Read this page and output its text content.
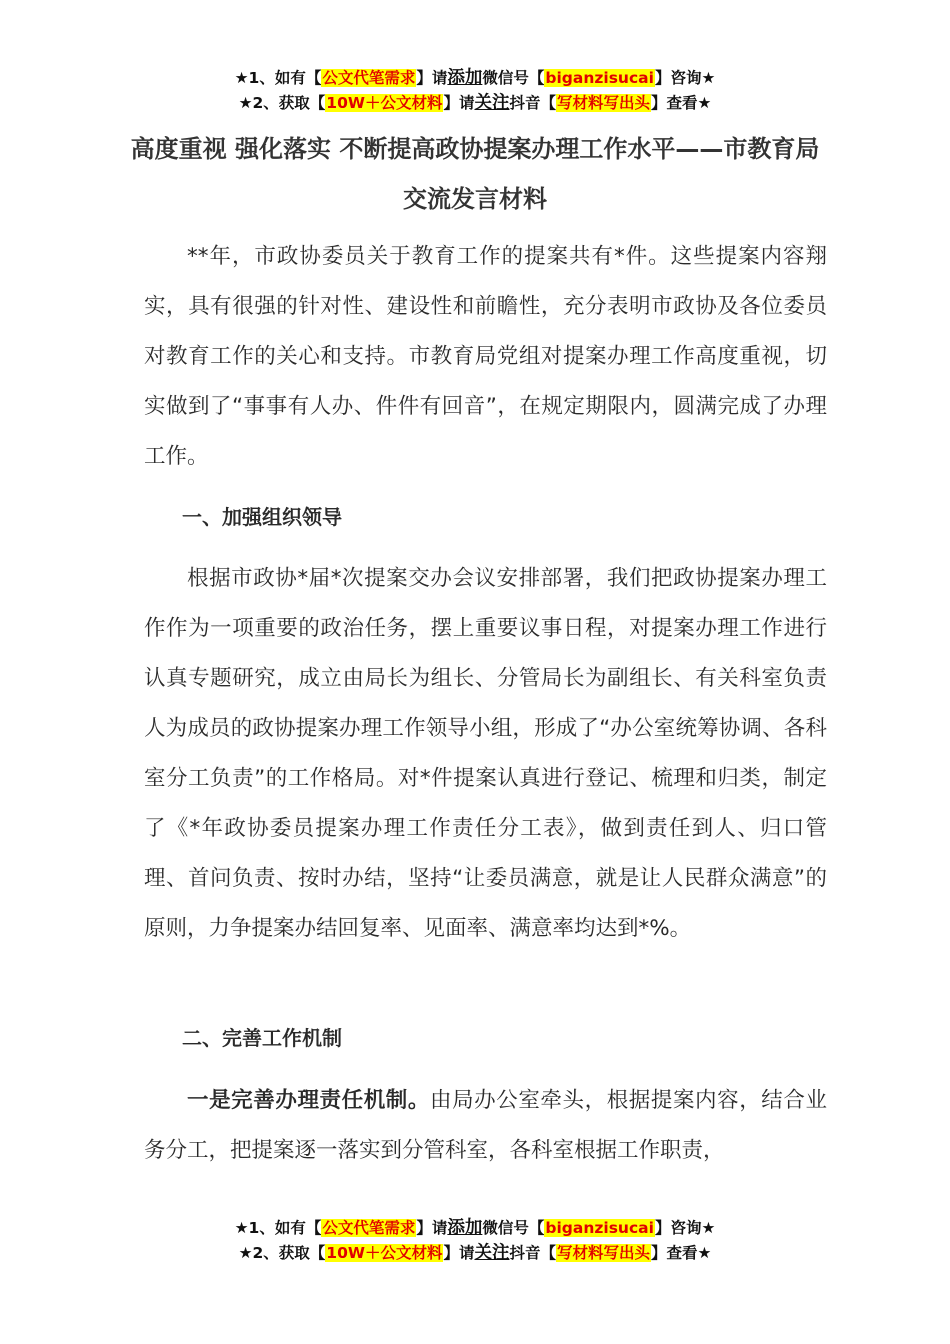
★1、如有【公文代笔需求】请添加微信号【biganzisucai】咨询★
★2、获取【10W＋公文材料】请关注抖音【写材料写出头】查看★
高度重视 强化落实 不断提高政协提案办理工作水平——市教育局交流发言材料

**年，市政协委员关于教育工作的提案共有*件。这些提案内容翔实，具有很强的针对性、建设性和前瞻性，充分表明市政协及各位委员对教育工作的关心和支持。市教育局党组对提案办理工作高度重视，切实做到了“事事有人办、件件有回音”，在规定期限内，圆满完成了办理工作。

一、加强组织领导

根据市政协*届*次提案交办会议安排部署，我们把政协提案办理工作作为一项重要的政治任务，摆上重要议事日程，对提案办理工作进行认真专题研究，成立由局长为组长、分管局长为副组长、有关科室负责人为成员的政协提案办理工作领导小组，形成了“办公室统筹协调、各科室分工负责”的工作格局。对*件提案认真进行登记、梳理和归类，制定了《*年政协委员提案办理工作责任分工表》，做到责任到人、归口管理、首问负责、按时办结，坚持“让委员满意，就是让人民群众满意”的原则，力争提案办结回复率、见面率、满意率均达到*%。

二、完善工作机制

一是完善办理责任机制。由局办公室牵头，根据提案内容，结合业务分工，把提案逐一落实到分管科室，各科室根据工作职责，

★1、如有【公文代笔需求】请添加微信号【biganzisucai】咨询★
★2、获取【10W＋公文材料】请关注抖音【写材料写出头】查看★
